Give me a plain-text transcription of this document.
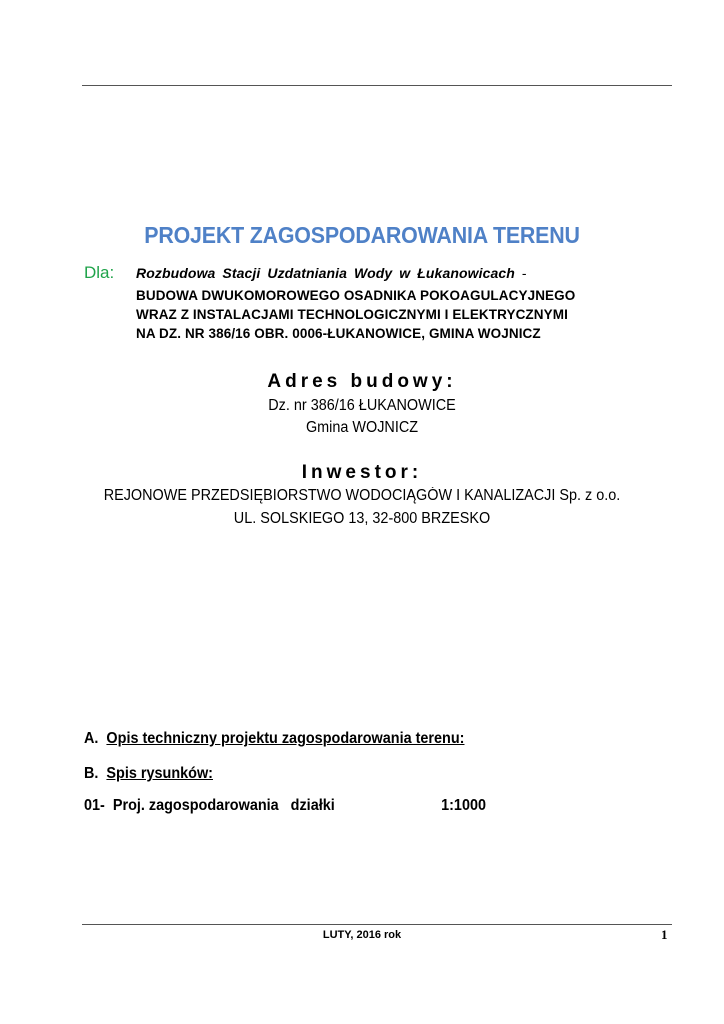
PROJEKT ZAGOSPODAROWANIA TERENU
Dla: Rozbudowa Stacji Uzdatniania Wody w Łukanowicach -
BUDOWA DWUKOMOROWEGO OSADNIKA POKOAGULACYJNEGO
WRAZ Z INSTALACJAMI TECHNOLOGICZNYMI I ELEKTRYCZNYMI
NA DZ. NR 386/16 OBR. 0006-ŁUKANOWICE, GMINA WOJNICZ
Adres budowy:
Dz. nr 386/16 ŁUKANOWICE
Gmina WOJNICZ
Inwestor:
REJONOWE PRZEDSIĘBIORSTWO WODOCIĄGÓW I KANALIZACJI Sp. z o.o.
UL. SOLSKIEGO 13, 32-800 BRZESKO
A. Opis techniczny projektu zagospodarowania terenu:
B. Spis rysunków:
01- Proj. zagospodarowania   działki	1:1000
LUTY, 2016 rok	1
